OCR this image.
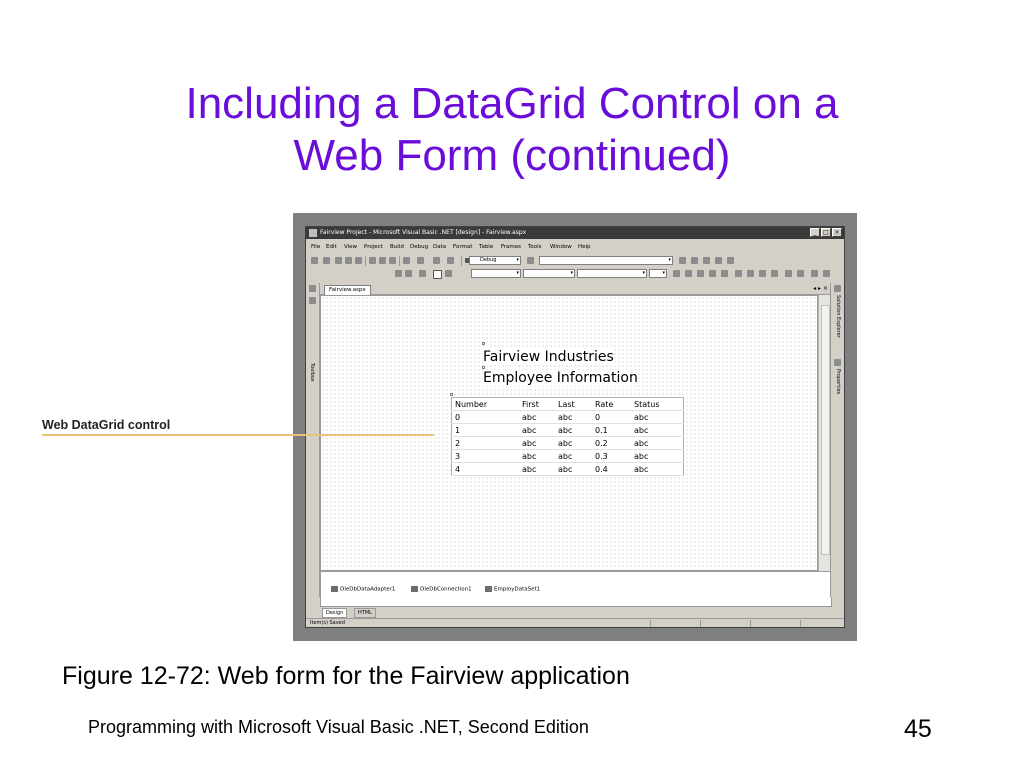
Including a DataGrid Control on a
Web Form (continued)
Fairview Project - Microsoft Visual Basic .NET [design] - Fairview.aspx	_	□ ×
File Edit View Project Build Debug Data Format Table Frames Tools Window Help
Debug	▾	▾
▾	▾	▾	▾
Toolbox
Fairview.aspx	◂ ▸ ×
Fairview Industries
Employee Information
Number	First	Last	Rate	Status
0	abc	abc	0	abc
1	abc	abc	0.1	abc
2	abc	abc	0.2	abc
3	abc	abc	0.3	abc
4	abc	abc	0.4	abc
OleDbDataAdapter1	OleDbConnection1	EmployDataSet1
Solution Explorer
Properties
Design	HTML
Item(s) Saved
Web DataGrid control
Figure 12-72: Web form for the Fairview application
Programming with Microsoft Visual Basic .NET, Second Edition	45
